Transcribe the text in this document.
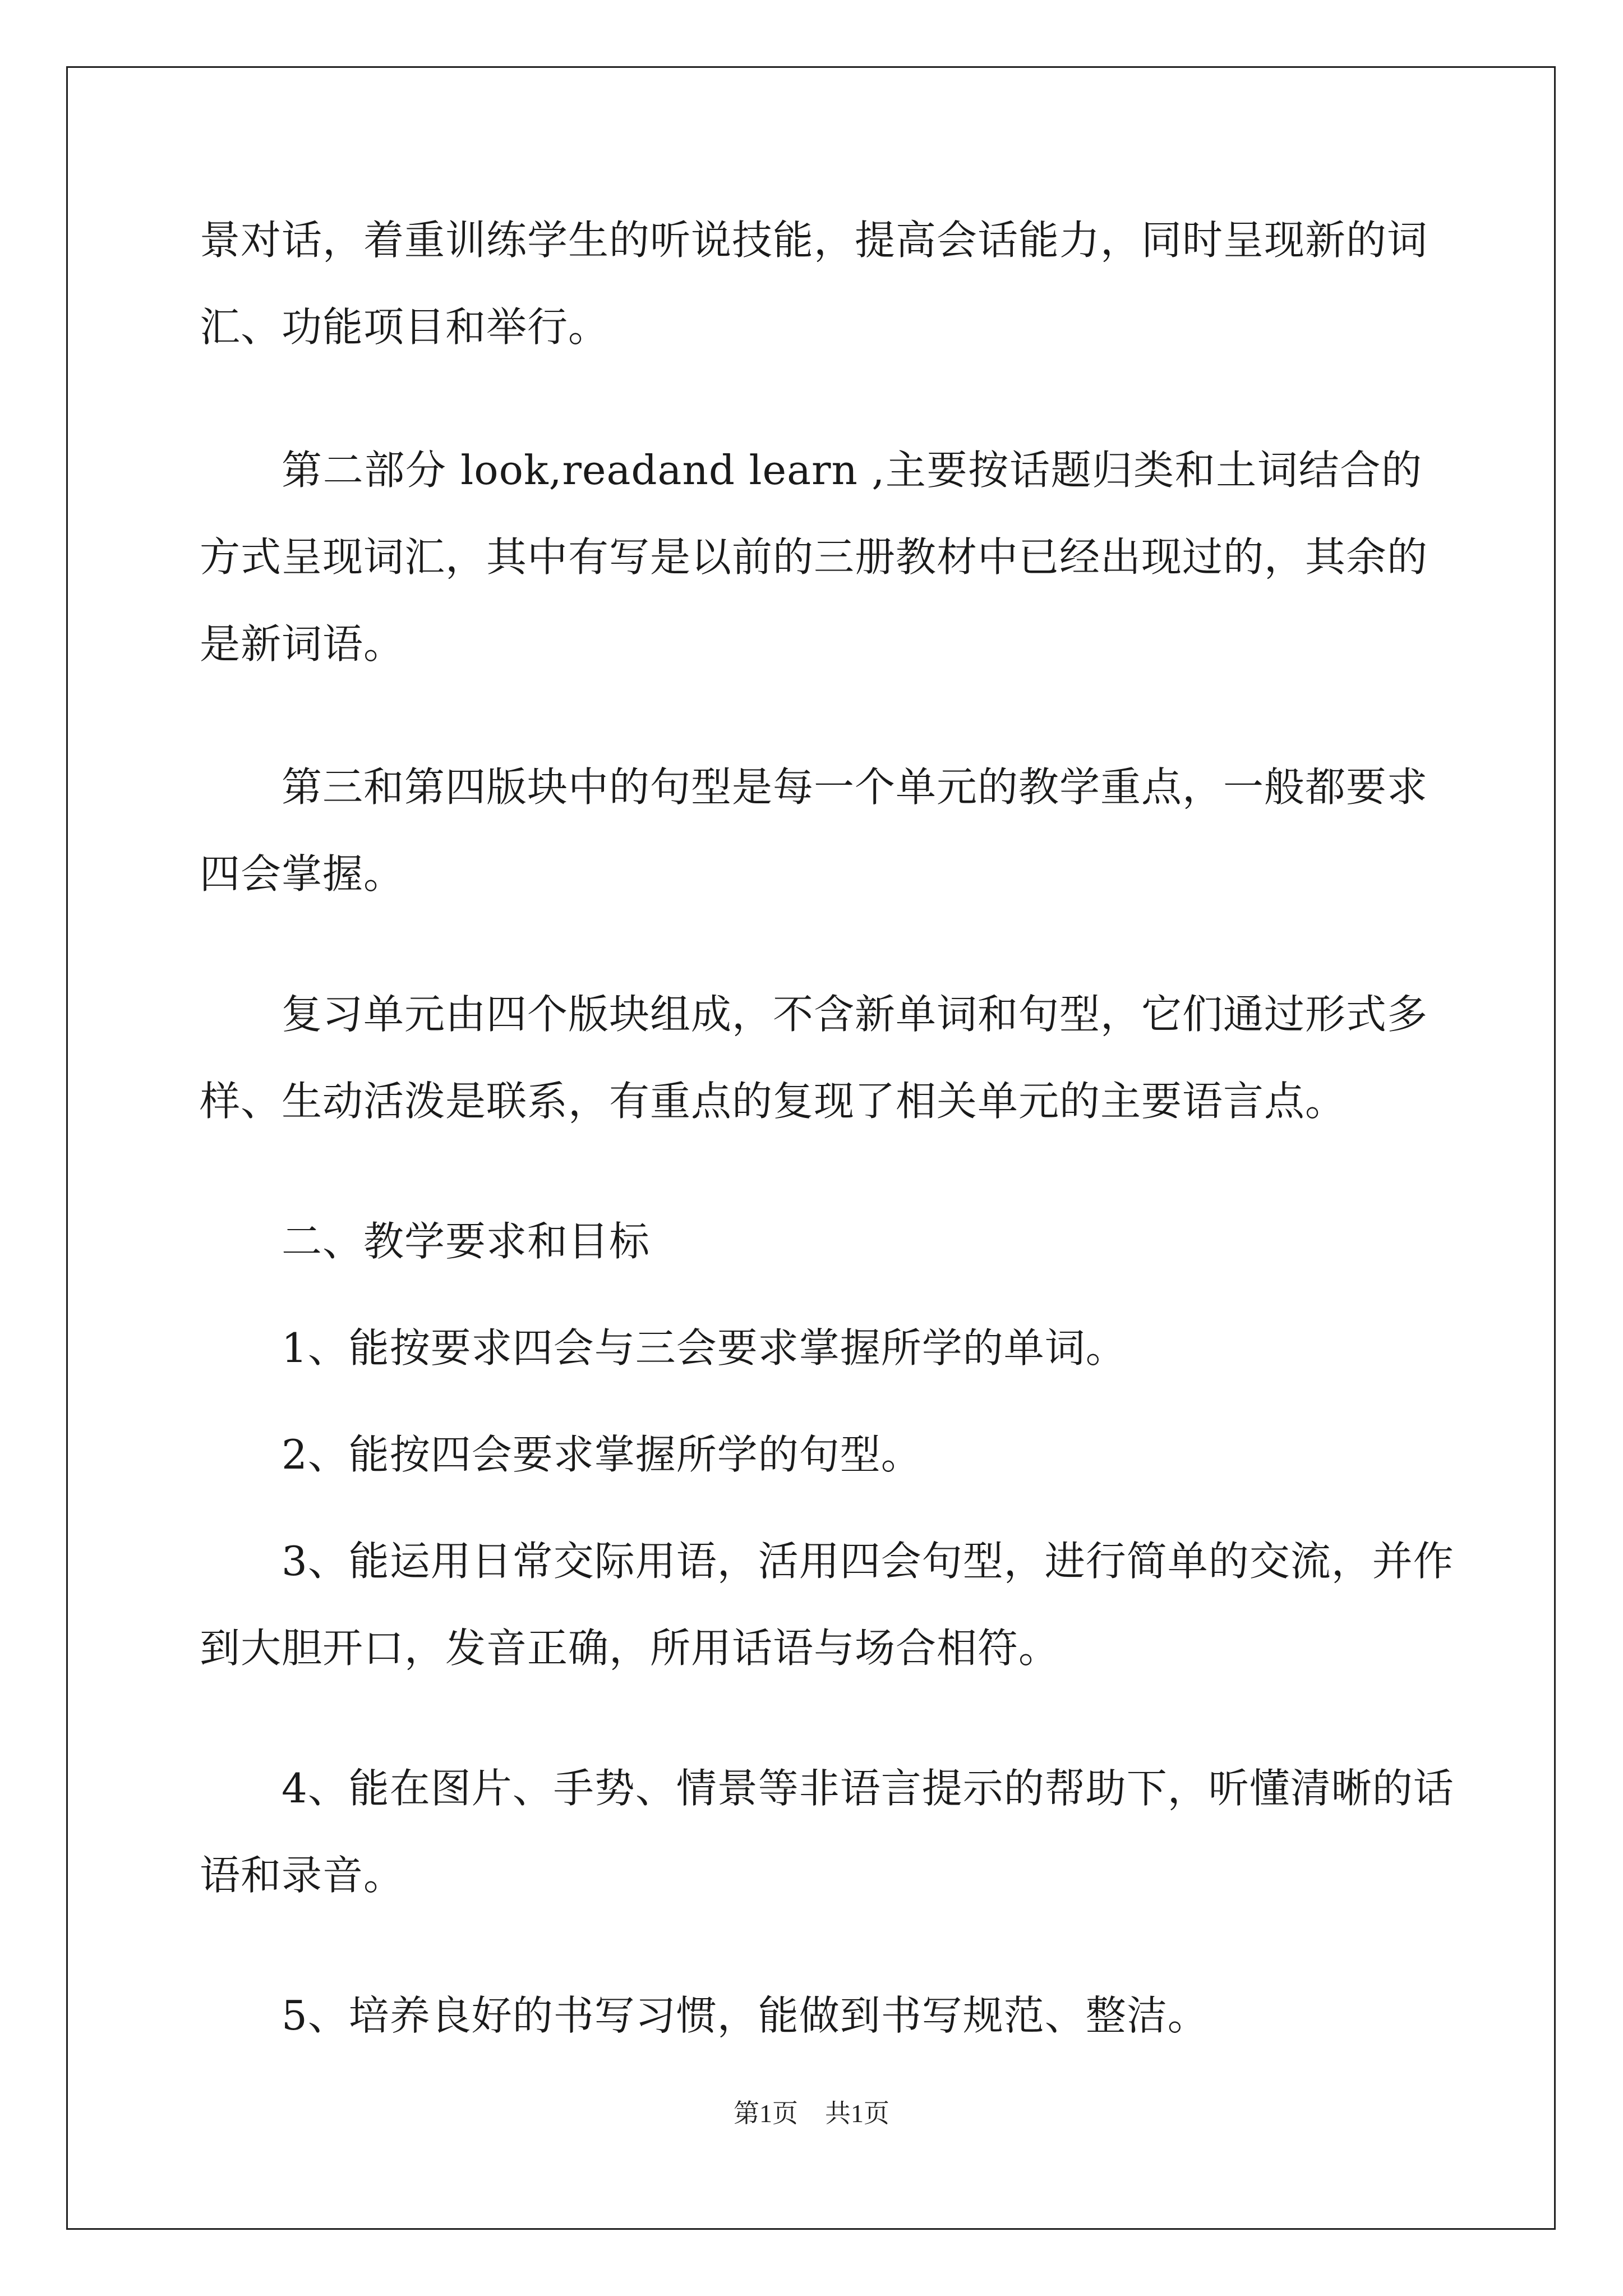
景对话，着重训练学生的听说技能，提高会话能力，同时呈现新的词
汇、功能项目和举行。
第二部分 look,readand learn ,主要按话题归类和土词结合的
方式呈现词汇，其中有写是以前的三册教材中已经出现过的，其余的
是新词语。
第三和第四版块中的句型是每一个单元的教学重点，一般都要求
四会掌握。
复习单元由四个版块组成，不含新单词和句型，它们通过形式多
样、生动活泼是联系，有重点的复现了相关单元的主要语言点。
二、教学要求和目标
1、能按要求四会与三会要求掌握所学的单词。
2、能按四会要求掌握所学的句型。
3、能运用日常交际用语，活用四会句型，进行简单的交流，并作
到大胆开口，发音正确，所用话语与场合相符。
4、能在图片、手势、情景等非语言提示的帮助下，听懂清晰的话
语和录音。
5、培养良好的书写习惯，能做到书写规范、整洁。
第1页 共1页
